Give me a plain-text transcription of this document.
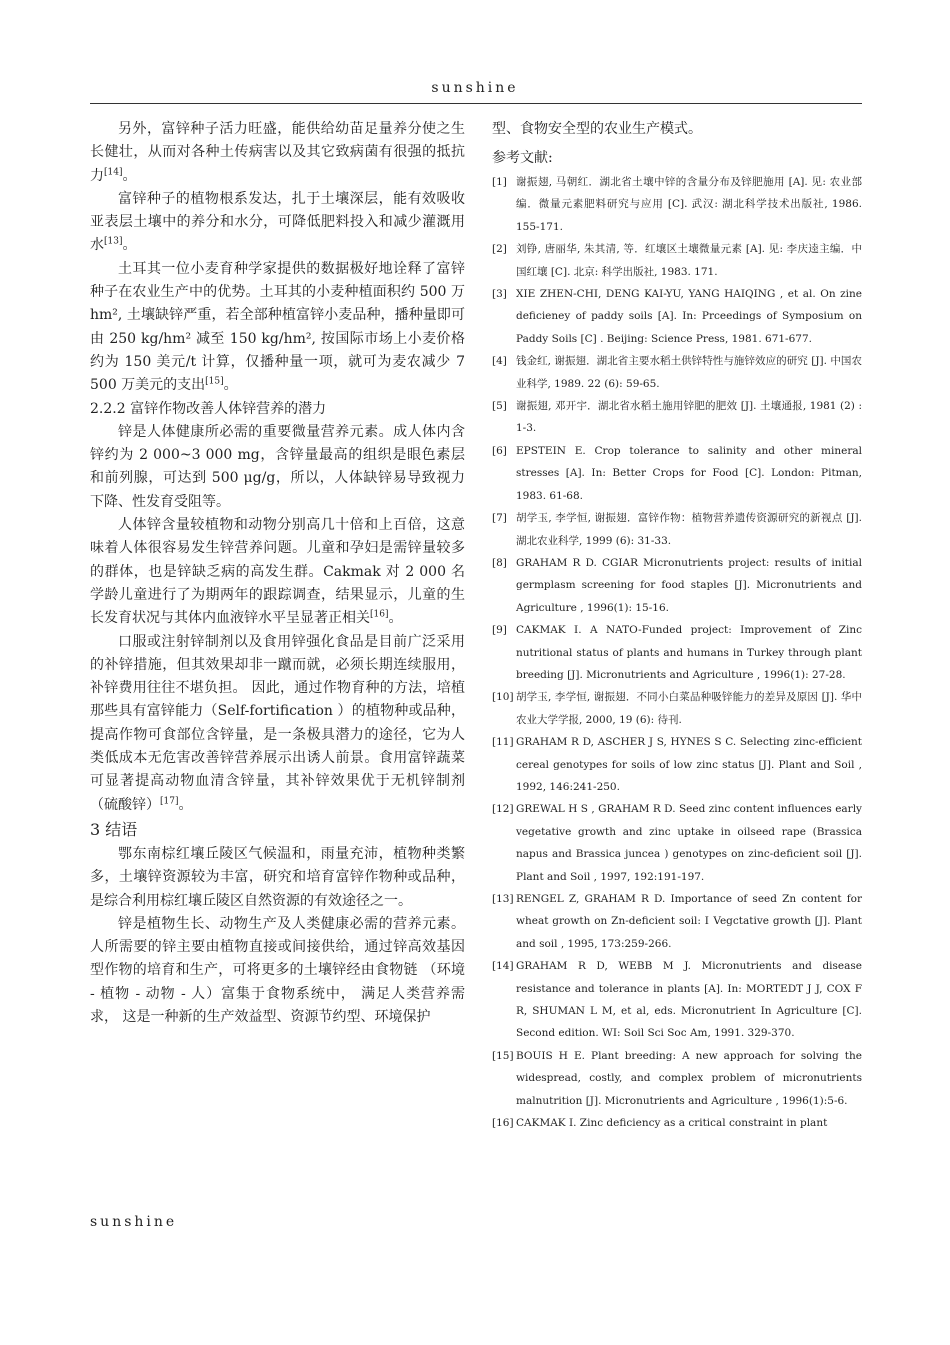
sunshine

另外，富锌种子活力旺盛，能供给幼苗足量养分使之生长健壮，从而对各种土传病害以及其它致病菌有很强的抵抗力[14]。

富锌种子的植物根系发达，扎于土壤深层，能有效吸收亚表层土壤中的养分和水分，可降低肥料投入和减少灌溉用水[13]。

土耳其一位小麦育种学家提供的数据极好地诠释了富锌种子在农业生产中的优势。土耳其的小麦种植面积约 500 万 hm², 土壤缺锌严重，若全部种植富锌小麦品种，播种量即可由 250 kg/hm² 减至 150 kg/hm², 按国际市场上小麦价格约为 150 美元/t 计算，仅播种量一项，就可为麦农减少 7 500 万美元的支出[15]。

2.2.2 富锌作物改善人体锌营养的潜力

锌是人体健康所必需的重要微量营养元素。成人体内含锌约为 2 000~3 000 mg，含锌量最高的组织是眼色素层和前列腺，可达到 500 μg/g，所以，人体缺锌易导致视力下降、性发育受阻等。

人体锌含量较植物和动物分别高几十倍和上百倍，这意味着人体很容易发生锌营养问题。儿童和孕妇是需锌量较多的群体，也是锌缺乏病的高发生群。Cakmak 对 2 000 名学龄儿童进行了为期两年的跟踪调查，结果显示，儿童的生长发育状况与其体内血液锌水平呈显著正相关[16]。

口服或注射锌制剂以及食用锌强化食品是目前广泛采用的补锌措施，但其效果却非一蹴而就，必须长期连续服用， 补锌费用往往不堪负担。 因此，通过作物育种的方法，培植那些具有富锌能力（Self-fortification ）的植物种或品种，提高作物可食部位含锌量，是一条极具潜力的途径，它为人类低成本无危害改善锌营养展示出诱人前景。食用富锌蔬菜可显著提高动物血清含锌量，其补锌效果优于无机锌制剂（硫酸锌）[17]。

3 结语

鄂东南棕红壤丘陵区气候温和，雨量充沛，植物种类繁多，土壤锌资源较为丰富，研究和培育富锌作物种或品种，是综合利用棕红壤丘陵区自然资源的有效途径之一。

锌是植物生长、动物生产及人类健康必需的营养元素。人所需要的锌主要由植物直接或间接供给，通过锌高效基因型作物的培育和生产，可将更多的土壤锌经由食物链 （环境 - 植物 - 动物 - 人）富集于食物系统中， 满足人类营养需求， 这是一种新的生产效益型、资源节约型、环境保护

型、食物安全型的农业生产模式。

参考文献:

[1] 谢振翅, 马朝红．湖北省土壤中锌的含量分布及锌肥施用 [A]. 见: 农业部编．微量元素肥料研究与应用 [C]. 武汉: 湖北科学技术出版社, 1986. 155-171.
[2] 刘铮, 唐丽华, 朱其清, 等．红壤区土壤微量元素 [A]. 见: 李庆逵主编．中国红壤 [C]. 北京: 科学出版社, 1983. 171.
[3] XIE ZHEN-CHI, DENG KAI-YU, YANG HAIQING , et al. On zine deficieney of paddy soils [A]. In: Prceedings of Symposium on Paddy Soils [C] . Beijing: Science Press, 1981. 671-677.
[4] 钱金红, 谢振翅．湖北省主要水稻土供锌特性与施锌效应的研究 [J]. 中国农业科学, 1989. 22 (6): 59-65.
[5] 谢振翅, 邓开宇．湖北省水稻土施用锌肥的肥效 [J]. 土壤通报, 1981 (2) : 1-3.
[6] EPSTEIN E. Crop tolerance to salinity and other mineral stresses [A]. In: Better Crops for Food [C]. London: Pitman, 1983. 61-68.
[7] 胡学玉, 李学恒, 谢振翅．富锌作物：植物营养遗传资源研究的新视点 [J]. 湖北农业科学, 1999 (6): 31-33.
[8] GRAHAM R D. CGIAR Micronutrients project: results of initial germplasm screening for food staples [J]. Micronutrients and Agriculture , 1996(1): 15-16.
[9] CAKMAK I. A NATO-Funded project: Improvement of Zinc nutritional status of plants and humans in Turkey through plant breeding [J]. Micronutrients and Agriculture , 1996(1): 27-28.
[10] 胡学玉, 李学恒, 谢振翅．不同小白菜品种吸锌能力的差异及原因 [J]. 华中农业大学学报, 2000, 19 (6): 待刊.
[11] GRAHAM R D, ASCHER J S, HYNES S C. Selecting zinc-efficient cereal genotypes for soils of low zinc status [J]. Plant and Soil , 1992, 146:241-250.
[12] GREWAL H S , GRAHAM R D. Seed zinc content influences early vegetative growth and zinc uptake in oilseed rape (Brassica napus and Brassica juncea ) genotypes on zinc-deficient soil [J]. Plant and Soil , 1997, 192:191-197.
[13] RENGEL Z, GRAHAM R D. Importance of seed Zn content for wheat growth on Zn-deficient soil: Ⅰ Vegctative growth [J]. Plant and soil , 1995, 173:259-266.
[14] GRAHAM R D, WEBB M J. Micronutrients and disease resistance and tolerance in plants [A]. In: MORTEDT J J, COX F R, SHUMAN L M, et al, eds. Micronutrient In Agriculture [C]. Second edition. WI: Soil Sci Soc Am, 1991. 329-370.
[15] BOUIS H E. Plant breeding: A new approach for solving the widespread, costly, and complex problem of micronutrients malnutrition [J]. Micronutrients and Agriculture , 1996(1):5-6.
[16] CAKMAK I. Zinc deficiency as a critical constraint in plant
sunshine
